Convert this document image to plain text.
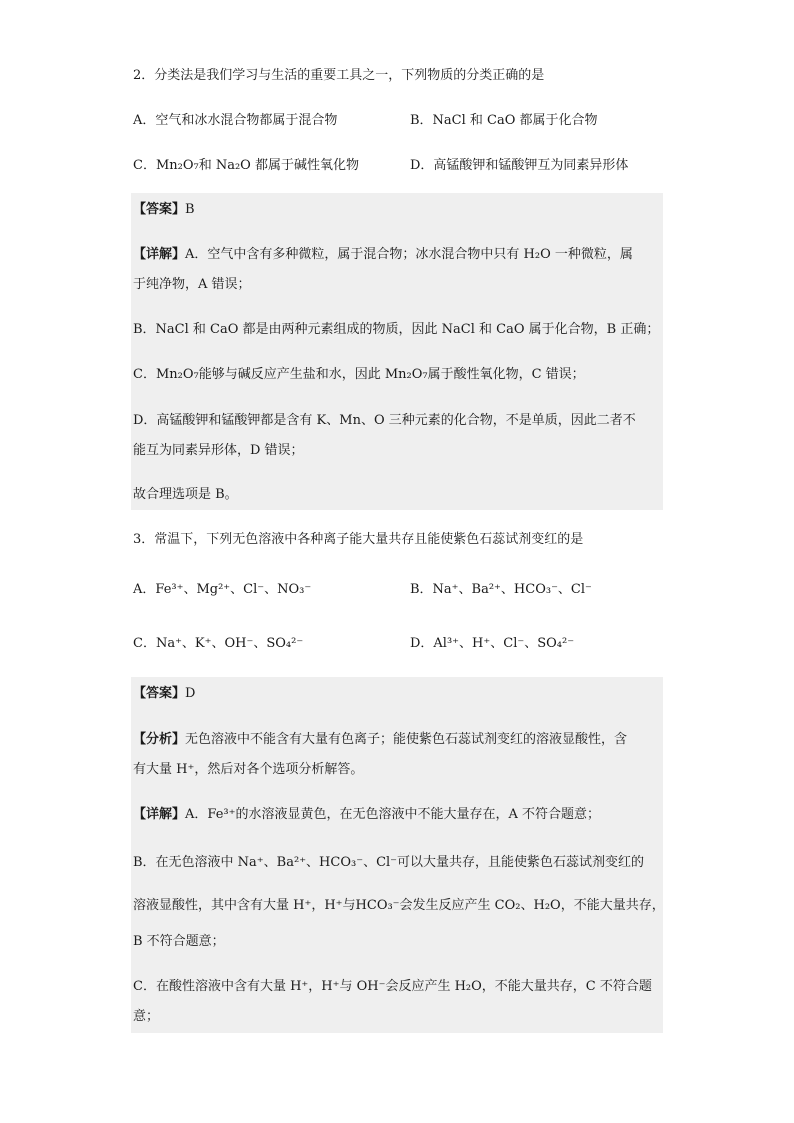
2．分类法是我们学习与生活的重要工具之一，下列物质的分类正确的是
A．空气和冰水混合物都属于混合物	B．NaCl 和 CaO 都属于化合物
C．Mn₂O₇和 Na₂O 都属于碱性氧化物	D．高锰酸钾和锰酸钾互为同素异形体
【答案】B
【详解】A．空气中含有多种微粒，属于混合物；冰水混合物中只有 H₂O 一种微粒，属
于纯净物，A 错误；
B．NaCl 和 CaO 都是由两种元素组成的物质，因此 NaCl 和 CaO 属于化合物，B 正确；
C．Mn₂O₇能够与碱反应产生盐和水，因此 Mn₂O₇属于酸性氧化物，C 错误；
D．高锰酸钾和锰酸钾都是含有 K、Mn、O 三种元素的化合物，不是单质，因此二者不
能互为同素异形体，D 错误；
故合理选项是 B。
3．常温下，下列无色溶液中各种离子能大量共存且能使紫色石蕊试剂变红的是
A．Fe³⁺、Mg²⁺、Cl⁻、NO₃⁻	B．Na⁺、Ba²⁺、HCO₃⁻、Cl⁻
C．Na⁺、K⁺、OH⁻、SO₄²⁻	D．Al³⁺、H⁺、Cl⁻、SO₄²⁻
【答案】D
【分析】无色溶液中不能含有大量有色离子；能使紫色石蕊试剂变红的溶液显酸性，含
有大量 H⁺，然后对各个选项分析解答。
【详解】A．Fe³⁺的水溶液显黄色，在无色溶液中不能大量存在，A 不符合题意；
B．在无色溶液中 Na⁺、Ba²⁺、HCO₃⁻、Cl⁻可以大量共存，且能使紫色石蕊试剂变红的
溶液显酸性，其中含有大量 H⁺，H⁺与HCO₃⁻会发生反应产生 CO₂、H₂O，不能大量共存，
B 不符合题意；
C．在酸性溶液中含有大量 H⁺，H⁺与 OH⁻会反应产生 H₂O，不能大量共存，C 不符合题
意；
